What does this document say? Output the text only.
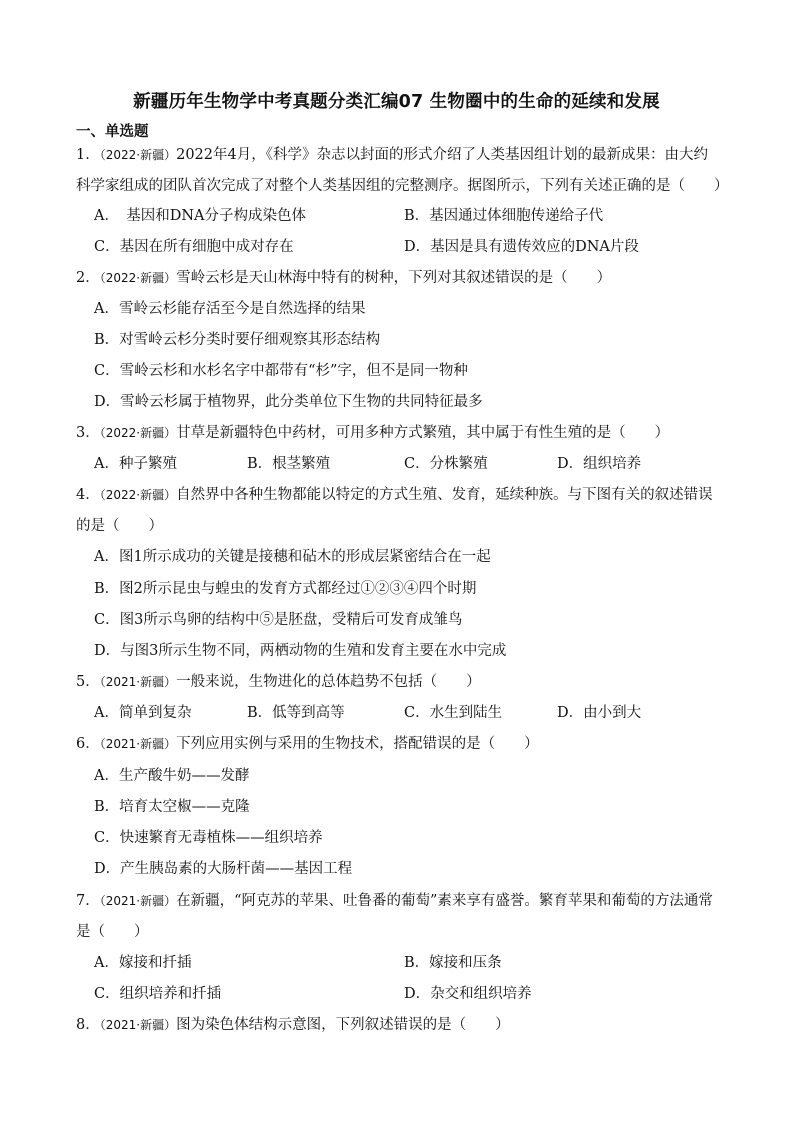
新疆历年生物学中考真题分类汇编07 生物圈中的生命的延续和发展
一、单选题
1．（2022·新疆）2022年4月，《科学》杂志以封面的形式介绍了人类基因组计划的最新成果：由大约
科学家组成的团队首次完成了对整个人类基因组的完整测序。据图所示，下列有关述正确的是（　　）
A．　基因和DNA分子构成染色体	B．基因通过体细胞传递给子代
C．基因在所有细胞中成对存在	D．基因是具有遗传效应的DNA片段
2．（2022·新疆）雪岭云杉是天山林海中特有的树种，下列对其叙述错误的是（　　）
A．雪岭云杉能存活至今是自然选择的结果
B．对雪岭云杉分类时要仔细观察其形态结构
C．雪岭云杉和水杉名字中都带有“杉”字，但不是同一物种
D．雪岭云杉属于植物界，此分类单位下生物的共同特征最多
3．（2022·新疆）甘草是新疆特色中药材，可用多种方式繁殖，其中属于有性生殖的是（　　）
A．种子繁殖	B．根茎繁殖	C．分株繁殖	D．组织培养
4．（2022·新疆）自然界中各种生物都能以特定的方式生殖、发育，延续种族。与下图有关的叙述错误
的是（　　）
A．图1所示成功的关键是接穗和砧木的形成层紧密结合在一起
B．图2所示昆虫与蝗虫的发育方式都经过①②③④四个时期
C．图3所示鸟卵的结构中⑤是胚盘，受精后可发育成雏鸟
D．与图3所示生物不同，两栖动物的生殖和发育主要在水中完成
5．（2021·新疆）一般来说，生物进化的总体趋势不包括（　　）
A．简单到复杂	B．低等到高等	C．水生到陆生	D．由小到大
6．（2021·新疆）下列应用实例与采用的生物技术，搭配错误的是（　　）
A．生产酸牛奶——发酵
B．培育太空椒——克隆
C．快速繁育无毒植株——组织培养
D．产生胰岛素的大肠杆菌——基因工程
7．（2021·新疆）在新疆，“阿克苏的苹果、吐鲁番的葡萄”素来享有盛誉。繁育苹果和葡萄的方法通常
是（　　）
A．嫁接和扦插	B．嫁接和压条
C．组织培养和扦插	D．杂交和组织培养
8．（2021·新疆）图为染色体结构示意图，下列叙述错误的是（　　）
